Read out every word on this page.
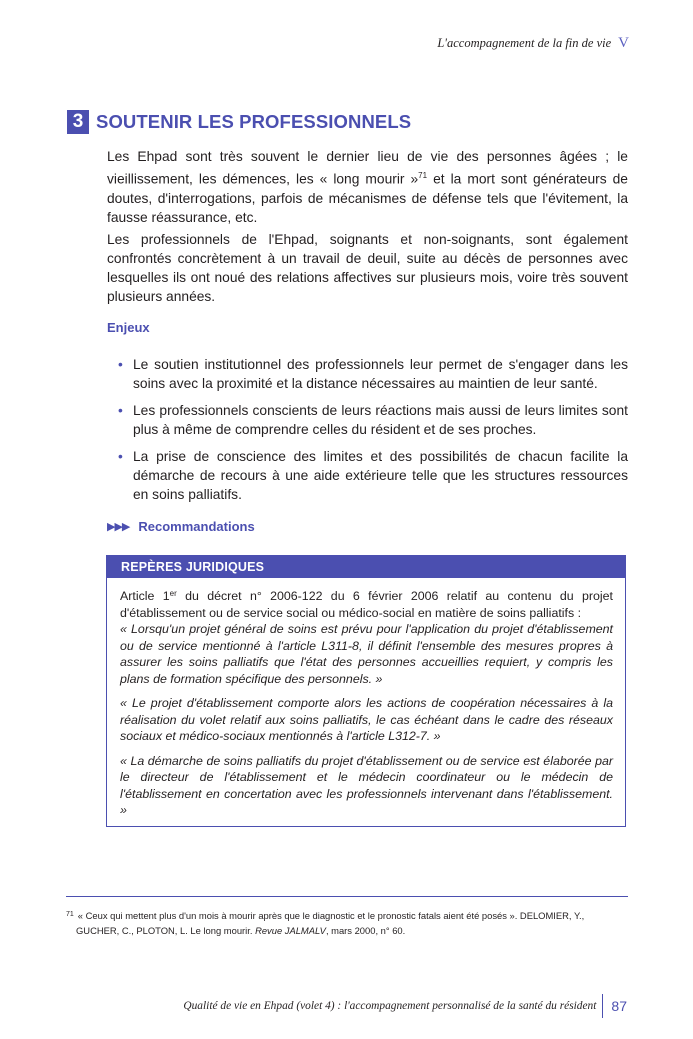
L'accompagnement de la fin de vie V
3 SOUTENIR LES PROFESSIONNELS

Les Ehpad sont très souvent le dernier lieu de vie des personnes âgées ; le vieillissement, les démences, les « long mourir »$^{71}$ et la mort sont générateurs de doutes, d'interrogations, parfois de mécanismes de défense tels que l'évitement, la fausse réassurance, etc.

Les professionnels de l'Ehpad, soignants et non-soignants, sont également confrontés concrètement à un travail de deuil, suite au décès de personnes avec lesquelles ils ont noué des relations affectives sur plusieurs mois, voire très souvent plusieurs années.

Enjeux
• Le soutien institutionnel des professionnels leur permet de s'engager dans les soins avec la proximité et la distance nécessaires au maintien de leur santé.
• Les professionnels conscients de leurs réactions mais aussi de leurs limites sont plus à même de comprendre celles du résident et de ses proches.
• La prise de conscience des limites et des possibilités de chacun facilite la démarche de recours à une aide extérieure telle que les structures ressources en soins palliatifs.
▶▶▶ Recommandations
REPÈRES JURIDIQUES

Article 1er du décret n° 2006-122 du 6 février 2006 relatif au contenu du projet d'établissement ou de service social ou médico-social en matière de soins palliatifs :
« Lorsqu'un projet général de soins est prévu pour l'application du projet d'établissement ou de service mentionné à l'article L311-8, il définit l'ensemble des mesures propres à assurer les soins palliatifs que l'état des personnes accueillies requiert, y compris les plans de formation spécifique des personnels. »

« Le projet d'établissement comporte alors les actions de coopération nécessaires à la réalisation du volet relatif aux soins palliatifs, le cas échéant dans le cadre des réseaux sociaux et médico-sociaux mentionnés à l'article L312-7. »

« La démarche de soins palliatifs du projet d'établissement ou de service est élaborée par le directeur de l'établissement et le médecin coordinateur ou le médecin de l'établissement en concertation avec les professionnels intervenant dans l'établissement. »

$^{71}$ « Ceux qui mettent plus d'un mois à mourir après que le diagnostic et le pronostic fatals aient été posés ». DELOMIER, Y.,
GUCHER, C., PLOTON, L. Le long mourir. Revue JALMALV, mars 2000, n° 60.
Qualité de vie en Ehpad (volet 4) : l'accompagnement personnalisé de la santé du résident 87
